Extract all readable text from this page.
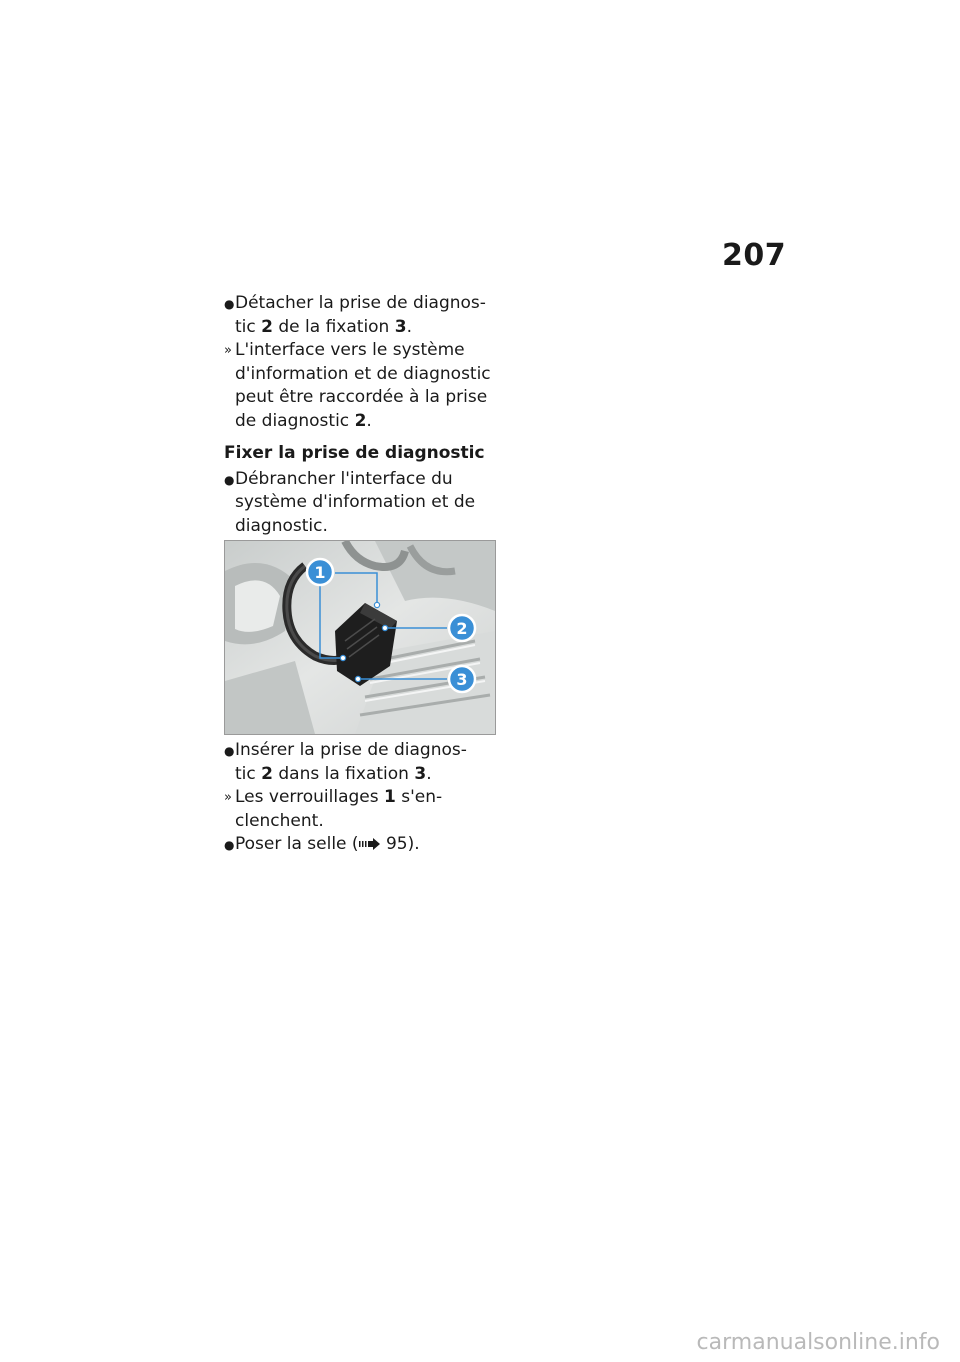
207
● Détacher la prise de diagnos-
tic 2 de la fixation 3.
» L'interface vers le système
d'information et de diagnostic
peut être raccordée à la prise
de diagnostic 2.
Fixer la prise de diagnostic
● Débrancher l'interface du
système d'information et de
diagnostic.
1
2
3
● Insérer la prise de diagnos-
tic 2 dans la fixation 3.
» Les verrouillages 1 s'en-
clenchent.
● Poser la selle ( 95).
carmanualsonline.info
